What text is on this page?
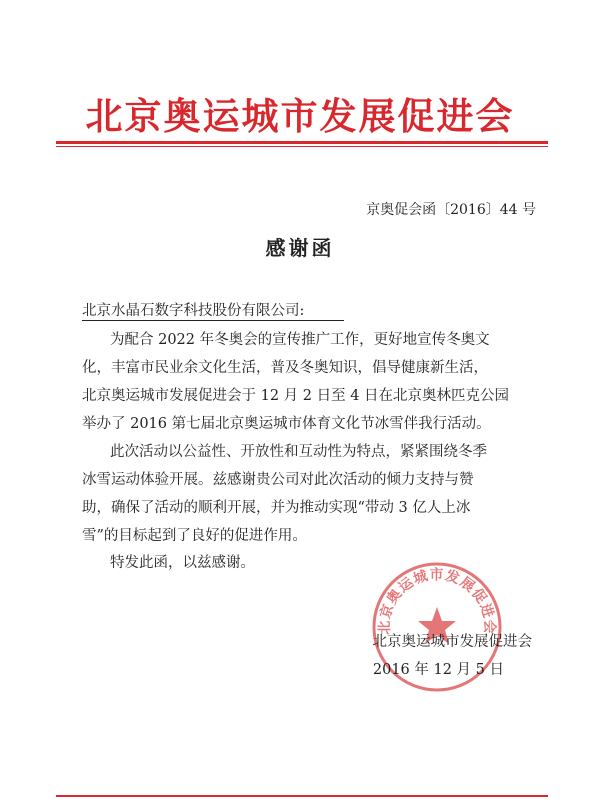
北京奥运城市发展促进会
京奥促会函〔2016〕44 号
感谢函
北京水晶石数字科技股份有限公司:
为配合 2022 年冬奥会的宣传推广工作，更好地宣传冬奥文
化，丰富市民业余文化生活，普及冬奥知识，倡导健康新生活，
北京奥运城市发展促进会于 12 月 2 日至 4 日在北京奥林匹克公园
举办了 2016 第七届北京奥运城市体育文化节冰雪伴我行活动。
此次活动以公益性、开放性和互动性为特点，紧紧围绕冬季
冰雪运动体验开展。兹感谢贵公司对此次活动的倾力支持与赞
助，确保了活动的顺利开展，并为推动实现“带动 3 亿人上冰
雪”的目标起到了良好的促进作用。
特发此函，以兹感谢。
北京奥运城市发展促进会
北京奥运城市发展促进会
2016 年 12 月 5 日
